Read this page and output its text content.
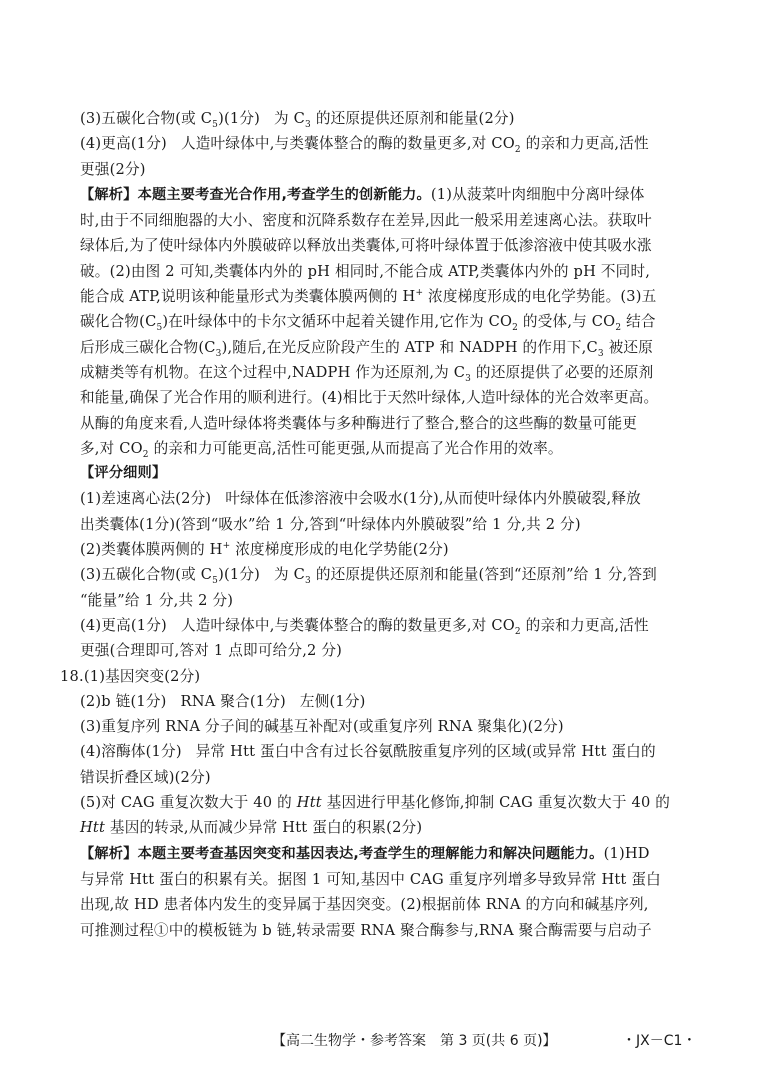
(3)五碳化合物(或 $C_5)(1$分) 为 $C_3$ 的还原提供还原剂和能量(2分)
(4)更高(1分) 人造叶绿体中,与类囊体整合的酶的数量更多,对 $CO_2$ 的亲和力更高,活性
更强(2分)
【解析】本题主要考查光合作用,考查学生的创新能力。(1)从菠菜叶肉细胞中分离叶绿体
时,由于不同细胞器的大小、密度和沉降系数存在差异,因此一般采用差速离心法。获取叶
绿体后,为了使叶绿体内外膜破碎以释放出类囊体,可将叶绿体置于低渗溶液中使其吸水涨
破。(2)由图 2 可知,类囊体内外的 pH 相同时,不能合成 ATP,类囊体内外的 pH 不同时,
能合成 ATP,说明该种能量形式为类囊体膜两侧的 H+ 浓度梯度形成的电化学势能。(3)五
碳化合物$(C_5)$在叶绿体中的卡尔文循环中起着关键作用,它作为 $CO_2$ 的受体,与 $CO_2$ 结合
后形成三碳化合物$(C_3)$,随后,在光反应阶段产生的 ATP 和 NADPH 的作用下$,C_3$ 被还原
成糖类等有机物。在这个过程中,NADPH 作为还原剂,为 $C_3$ 的还原提供了必要的还原剂
和能量,确保了光合作用的顺利进行。(4)相比于天然叶绿体,人造叶绿体的光合效率更高。
从酶的角度来看,人造叶绿体将类囊体与多种酶进行了整合,整合的这些酶的数量可能更
多,对 $CO_2$ 的亲和力可能更高,活性可能更强,从而提高了光合作用的效率。
【评分细则】
(1)差速离心法(2分) 叶绿体在低渗溶液中会吸水(1分),从而使叶绿体内外膜破裂,释放
出类囊体(1分)(答到“吸水”给 1 分,答到“叶绿体内外膜破裂”给 1 分,共 2 分)
(2)类囊体膜两侧的 H+ 浓度梯度形成的电化学势能(2分)
(3)五碳化合物(或 $C_5)(1$分) 为 $C_3$ 的还原提供还原剂和能量(答到“还原剂”给 1 分,答到
“能量”给 1 分,共 2 分)
(4)更高(1分) 人造叶绿体中,与类囊体整合的酶的数量更多,对 $CO_2$ 的亲和力更高,活性
更强(合理即可,答对 1 点即可给分,2 分)
18.(1)基因突变(2分)
(2)b 链(1分) RNA 聚合(1分) 左侧(1分)
(3)重复序列 RNA 分子间的碱基互补配对(或重复序列 RNA 聚集化)(2分)
(4)溶酶体(1分) 异常 Htt 蛋白中含有过长谷氨酰胺重复序列的区域(或异常 Htt 蛋白的
错误折叠区域)(2分)
(5)对 CAG 重复次数大于 40 的 Htt 基因进行甲基化修饰,抑制 CAG 重复次数大于 40 的
Htt 基因的转录,从而减少异常 Htt 蛋白的积累(2分)
【解析】本题主要考查基因突变和基因表达,考查学生的理解能力和解决问题能力。(1)HD
与异常 Htt 蛋白的积累有关。据图 1 可知,基因中 CAG 重复序列增多导致异常 Htt 蛋白
出现,故 HD 患者体内发生的变异属于基因突变。(2)根据前体 RNA 的方向和碱基序列,
可推测过程①中的模板链为 b 链,转录需要 RNA 聚合酶参与,RNA 聚合酶需要与启动子
【高二生物学・参考答案　第 3 页(共 6 页)】	・JX－C1・
